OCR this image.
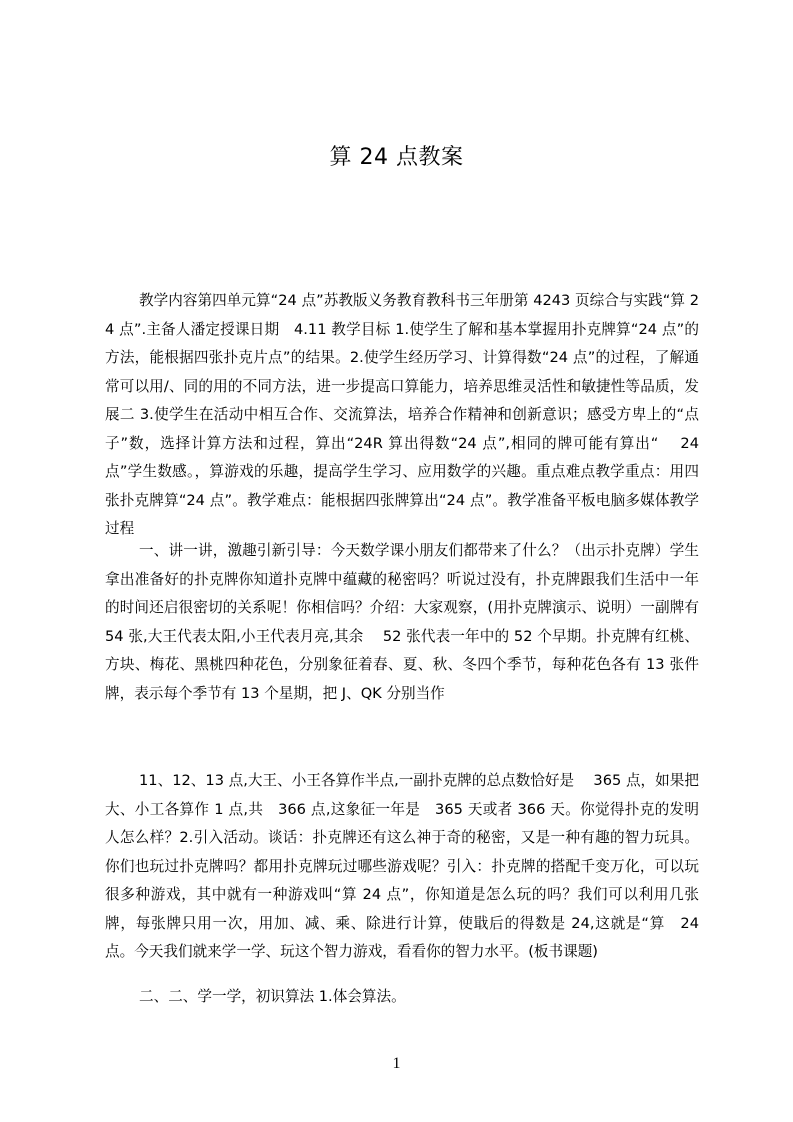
算 24 点教案

教学内容第四单元算“24 点”苏教版义务教育教科书三年册第 4243 页综合与实践“算 24 点”.主备人潘定授课日期　4.11 教学目标 1.使学生了解和基本掌握用扑克牌算“24 点”的方法，能根据四张扑克片点”的结果。2.使学生经历学习、计算得数“24 点”的过程，了解通常可以用/、同的用的不同方法，进一步提高口算能力，培养思维灵活性和敏捷性等品质，发展二 3.使学生在活动中相互合作、交流算法，培养合作精神和创新意识；感受方卑上的“点子”数，选择计算方法和过程，算出“24R 算出得数“24 点”,相同的牌可能有算出“　 24 点”学生数感。，算游戏的乐趣，提高学生学习、应用数学的兴趣。重点难点教学重点：用四张扑克牌算“24 点”。教学难点：能根据四张牌算出“24 点”。教学准备平板电脑多媒体教学过程

一、讲一讲，激趣引新引导：今天数学课小朋友们都带来了什么？（出示扑克牌）学生拿出准备好的扑克牌你知道扑克牌中蕴藏的秘密吗？听说过没有，扑克牌跟我们生活中一年的时间还启很密切的关系呢！你相信吗？介绍：大家观察，(用扑克牌演示、说明）一副牌有 54 张,大王代表太阳,小王代表月亮,其余　 52 张代表一年中的 52 个早期。扑克牌有红桃、方块、梅花、黑桃四种花色，分别象征着春、夏、秋、冬四个季节，每种花色各有 13 张件牌，表示每个季节有 13 个星期，把 J、QK 分别当作

11、12、13 点,大王、小王各算作半点,一副扑克牌的总点数恰好是　 365 点，如果把大、小工各算作 1 点,共　366 点,这象征一年是　365 天或者 366 天。你觉得扑克的发明人怎么样？2.引入活动。谈话：扑克牌还有这么神于奇的秘密，又是一种有趣的智力玩具。你们也玩过扑克牌吗？都用扑克牌玩过哪些游戏呢？引入：扑克牌的搭配千变万化，可以玩很多种游戏，其中就有一种游戏叫“算 24 点”，你知道是怎么玩的吗？我们可以利用几张牌，每张牌只用一次，用加、减、乘、除进行计算，使戢后的得数是 24,这就是“算　24 点。今天我们就来学一学、玩这个智力游戏，看看你的智力水平。(板书课题)

二、二、学一学，初识算法 1.体会算法。

1
